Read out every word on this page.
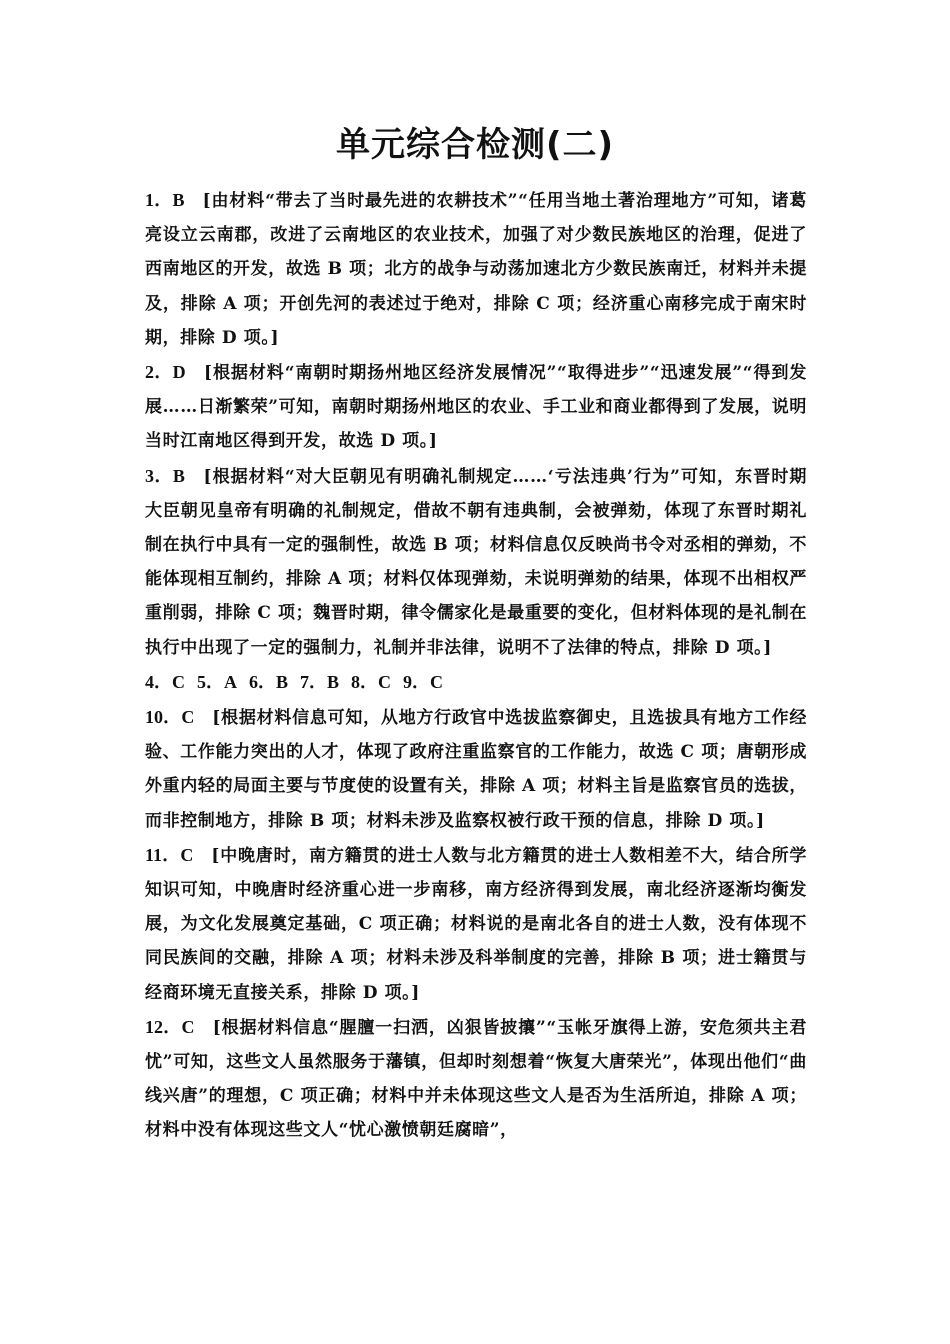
单元综合检测(二)

1．B　 [由材料“带去了当时最先进的农耕技术”“任用当地土著治理地方”可知，诸葛亮设立云南郡，改进了云南地区的农业技术，加强了对少数民族地区的治理，促进了西南地区的开发，故选 B 项；北方的战争与动荡加速北方少数民族南迁，材料并未提及，排除 A 项；开创先河的表述过于绝对，排除 C 项；经济重心南移完成于南宋时期，排除 D 项。]

2．D　 [根据材料“南朝时期扬州地区经济发展情况”“取得进步”“迅速发展”“得到发展……日渐繁荣”可知，南朝时期扬州地区的农业、手工业和商业都得到了发展，说明当时江南地区得到开发，故选 D 项。]

3．B　 [根据材料“对大臣朝见有明确礼制规定……‘亏法违典’行为”可知，东晋时期大臣朝见皇帝有明确的礼制规定，借故不朝有违典制，会被弹劾，体现了东晋时期礼制在执行中具有一定的强制性，故选 B 项；材料信息仅反映尚书令对丞相的弹劾，不能体现相互制约，排除 A 项；材料仅体现弹劾，未说明弹劾的结果，体现不出相权严重削弱，排除 C 项；魏晋时期，律令儒家化是最重要的变化，但材料体现的是礼制在执行中出现了一定的强制力，礼制并非法律，说明不了法律的特点，排除 D 项。]

4．C 5．A 6．B 7．B 8．C 9．C

10．C　 [根据材料信息可知，从地方行政官中选拔监察御史，且选拔具有地方工作经验、工作能力突出的人才，体现了政府注重监察官的工作能力，故选 C 项；唐朝形成外重内轻的局面主要与节度使的设置有关，排除 A 项；材料主旨是监察官员的选拔，而非控制地方，排除 B 项；材料未涉及监察权被行政干预的信息，排除 D 项。]

11．C　 [中晚唐时，南方籍贯的进士人数与北方籍贯的进士人数相差不大，结合所学知识可知，中晚唐时经济重心进一步南移，南方经济得到发展，南北经济逐渐均衡发展，为文化发展奠定基础，C 项正确；材料说的是南北各自的进士人数，没有体现不同民族间的交融，排除 A 项；材料未涉及科举制度的完善，排除 B 项；进士籍贯与经商环境无直接关系，排除 D 项。]

12．C　 [根据材料信息“腥膻一扫洒，凶狠皆披攘”“玉帐牙旗得上游，安危须共主君忧”可知，这些文人虽然服务于藩镇，但却时刻想着“恢复大唐荣光”，体现出他们“曲线兴唐”的理想，C 项正确；材料中并未体现这些文人是否为生活所迫，排除 A 项；材料中没有体现这些文人“忧心激愤朝廷腐暗”，
